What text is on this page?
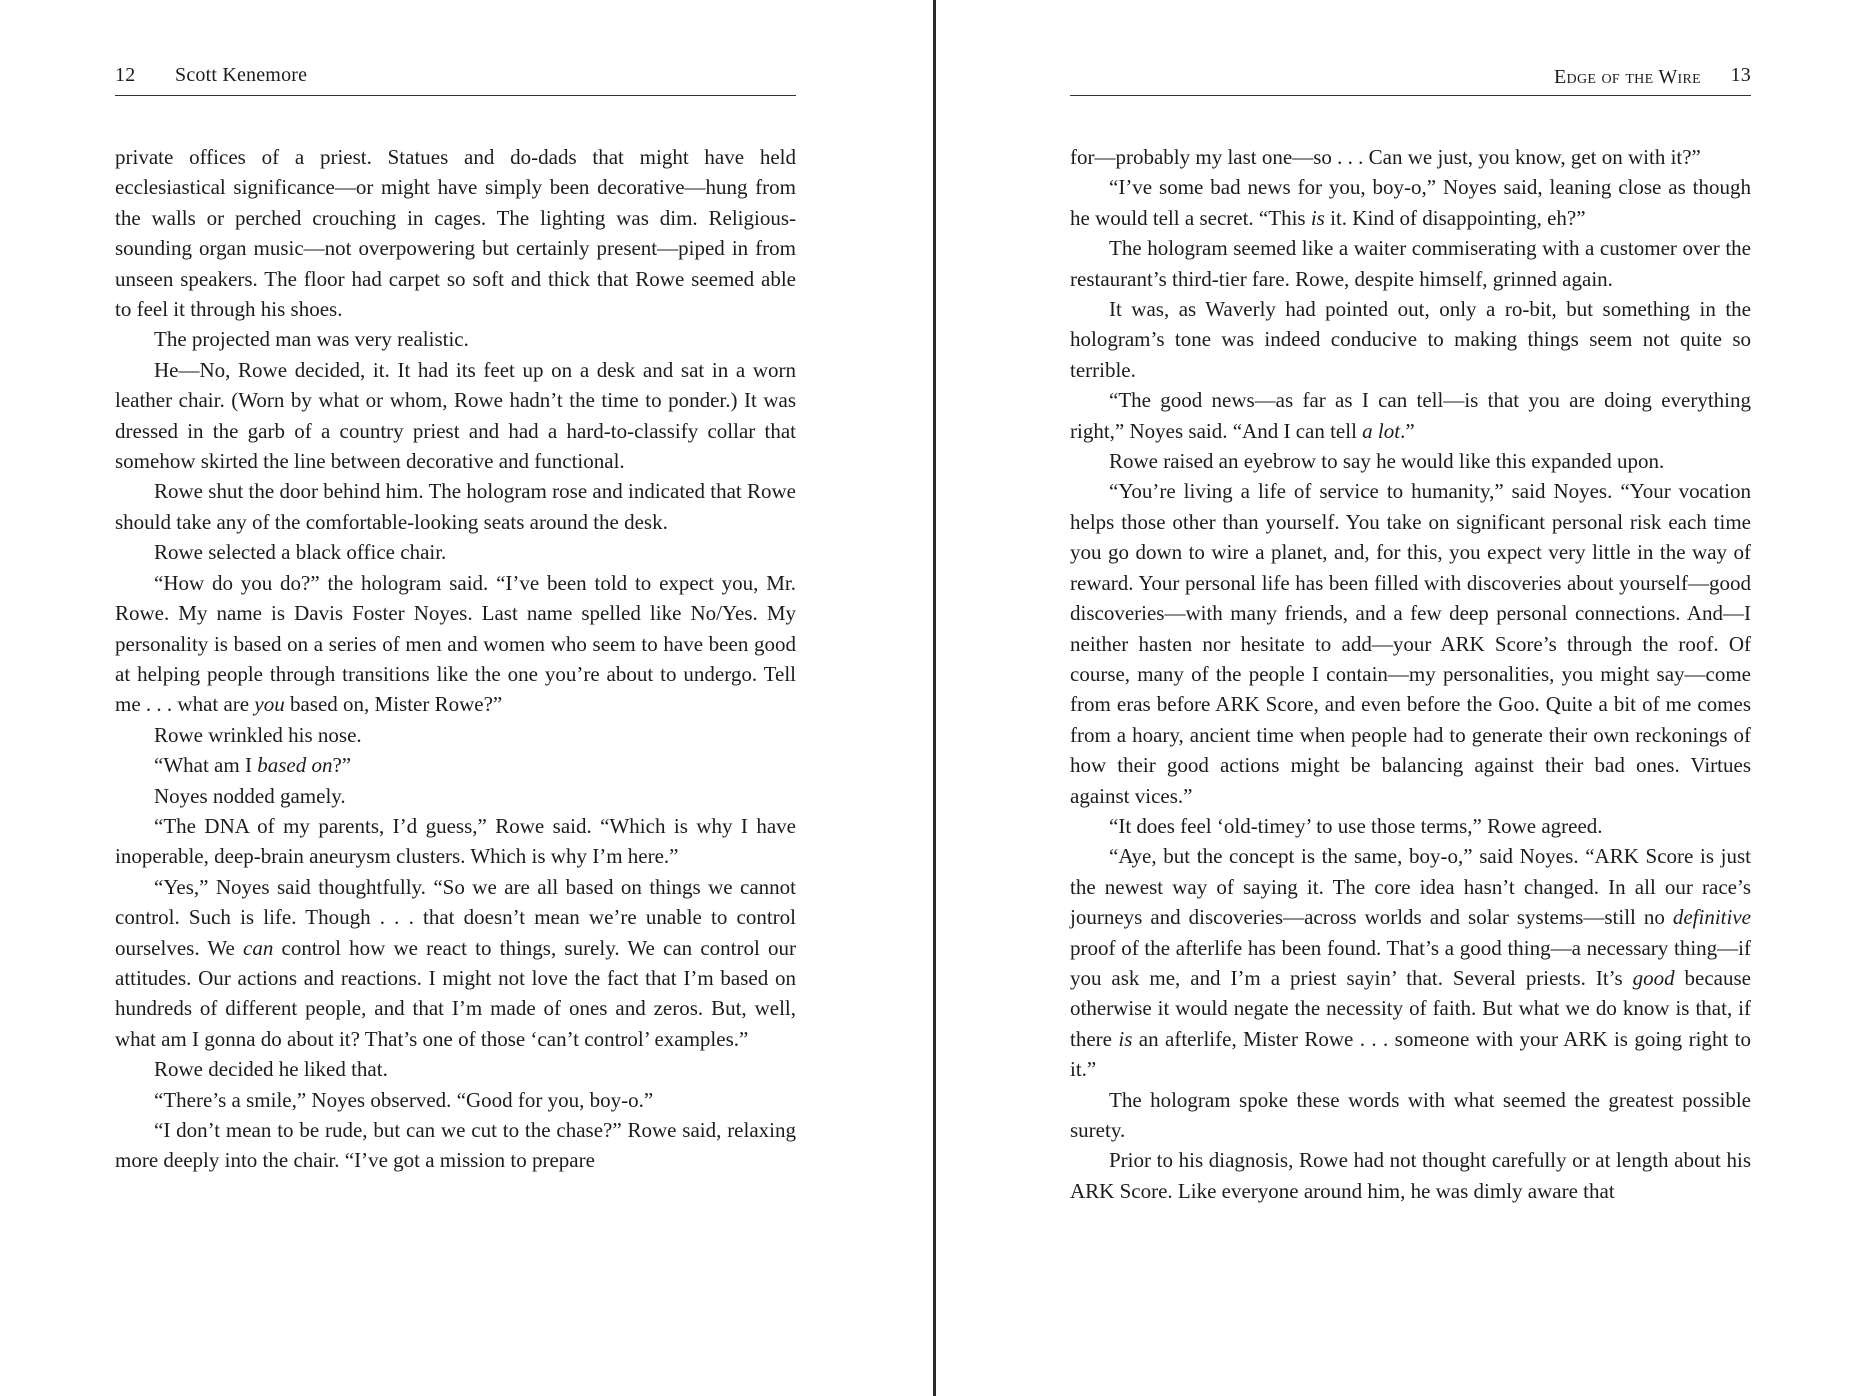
12 Scott Kenemore

private offices of a priest. Statues and do-dads that might have held ecclesiastical significance—or might have simply been decorative—hung from the walls or perched crouching in cages. The lighting was dim. Religious-sounding organ music—not overpowering but certainly present—piped in from unseen speakers. The floor had carpet so soft and thick that Rowe seemed able to feel it through his shoes.

The projected man was very realistic.

He—No, Rowe decided, it. It had its feet up on a desk and sat in a worn leather chair. (Worn by what or whom, Rowe hadn’t the time to ponder.) It was dressed in the garb of a country priest and had a hard-to-classify collar that somehow skirted the line between decorative and functional.

Rowe shut the door behind him. The hologram rose and indicated that Rowe should take any of the comfortable-looking seats around the desk.

Rowe selected a black office chair.

“How do you do?” the hologram said. “I’ve been told to expect you, Mr. Rowe. My name is Davis Foster Noyes. Last name spelled like No/Yes. My personality is based on a series of men and women who seem to have been good at helping people through transitions like the one you’re about to undergo. Tell me . . . what are you based on, Mister Rowe?”

Rowe wrinkled his nose.

“What am I based on?”

Noyes nodded gamely.

“The DNA of my parents, I’d guess,” Rowe said. “Which is why I have inoperable, deep-brain aneurysm clusters. Which is why I’m here.”

“Yes,” Noyes said thoughtfully. “So we are all based on things we cannot control. Such is life. Though . . . that doesn’t mean we’re unable to control ourselves. We can control how we react to things, surely. We can control our attitudes. Our actions and reactions. I might not love the fact that I’m based on hundreds of different people, and that I’m made of ones and zeros. But, well, what am I gonna do about it? That’s one of those ‘can’t control’ examples.”

Rowe decided he liked that.

“There’s a smile,” Noyes observed. “Good for you, boy-o.”

“I don’t mean to be rude, but can we cut to the chase?” Rowe said, relaxing more deeply into the chair. “I’ve got a mission to prepare

Edge of the Wire 13

for—probably my last one—so . . . Can we just, you know, get on with it?”

“I’ve some bad news for you, boy-o,” Noyes said, leaning close as though he would tell a secret. “This is it. Kind of disappointing, eh?”

The hologram seemed like a waiter commiserating with a customer over the restaurant’s third-tier fare. Rowe, despite himself, grinned again.

It was, as Waverly had pointed out, only a ro-bit, but something in the hologram’s tone was indeed conducive to making things seem not quite so terrible.

“The good news—as far as I can tell—is that you are doing everything right,” Noyes said. “And I can tell a lot.”

Rowe raised an eyebrow to say he would like this expanded upon.

“You’re living a life of service to humanity,” said Noyes. “Your vocation helps those other than yourself. You take on significant personal risk each time you go down to wire a planet, and, for this, you expect very little in the way of reward. Your personal life has been filled with discoveries about yourself—good discoveries—with many friends, and a few deep personal connections. And—I neither hasten nor hesitate to add—your ARK Score’s through the roof. Of course, many of the people I contain—my personalities, you might say—come from eras before ARK Score, and even before the Goo. Quite a bit of me comes from a hoary, ancient time when people had to generate their own reckonings of how their good actions might be balancing against their bad ones. Virtues against vices.”

“It does feel ‘old-timey’ to use those terms,” Rowe agreed.

“Aye, but the concept is the same, boy-o,” said Noyes. “ARK Score is just the newest way of saying it. The core idea hasn’t changed. In all our race’s journeys and discoveries—across worlds and solar systems—still no definitive proof of the afterlife has been found. That’s a good thing—a necessary thing—if you ask me, and I’m a priest sayin’ that. Several priests. It’s good because otherwise it would negate the necessity of faith. But what we do know is that, if there is an afterlife, Mister Rowe . . . someone with your ARK is going right to it.”

The hologram spoke these words with what seemed the greatest possible surety.

Prior to his diagnosis, Rowe had not thought carefully or at length about his ARK Score. Like everyone around him, he was dimly aware that
